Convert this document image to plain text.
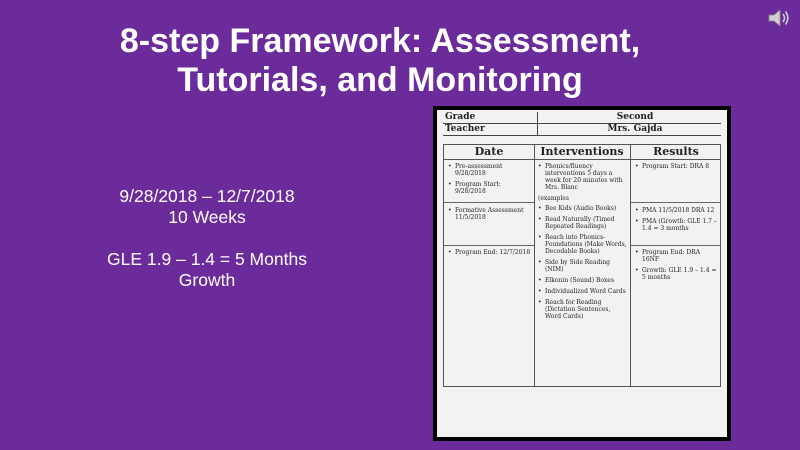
8-step Framework: Assessment,
Tutorials, and Monitoring
9/28/2018 – 12/7/2018
10 Weeks
GLE 1.9 – 1.4 = 5 Months
Growth
Grade	Second
Teacher	Mrs. Gajda
Date
• Pre-assessment 9/28/2018
• Program Start: 9/28/2018
• Formative Assessment 11/5/2018
• Program End: 12/7/2018
Interventions
• Phonics/fluency interventions 5 days a week for 20 minutes with Mrs. Blanc
(examples
• Bee Kids (Audio Books)
• Read Naturally (Timed Repeated Readings)
• Reach into Phonics-Foundations (Make Words, Decodable Books)
• Side by Side Reading (NIM)
• Elkonin (Sound) Boxes
• Individualized Word Cards
• Reach for Reading (Dictation Sentences, Word Cards)
Results
• Program Start: DRA 8
• PMA 11/5/2018 DRA 12
• PMA (Growth: GLE 1.7 – 1.4 = 3 months
• Program End: DRA 16NF
• Growth: GLE 1.9 – 1.4 = 5 months
